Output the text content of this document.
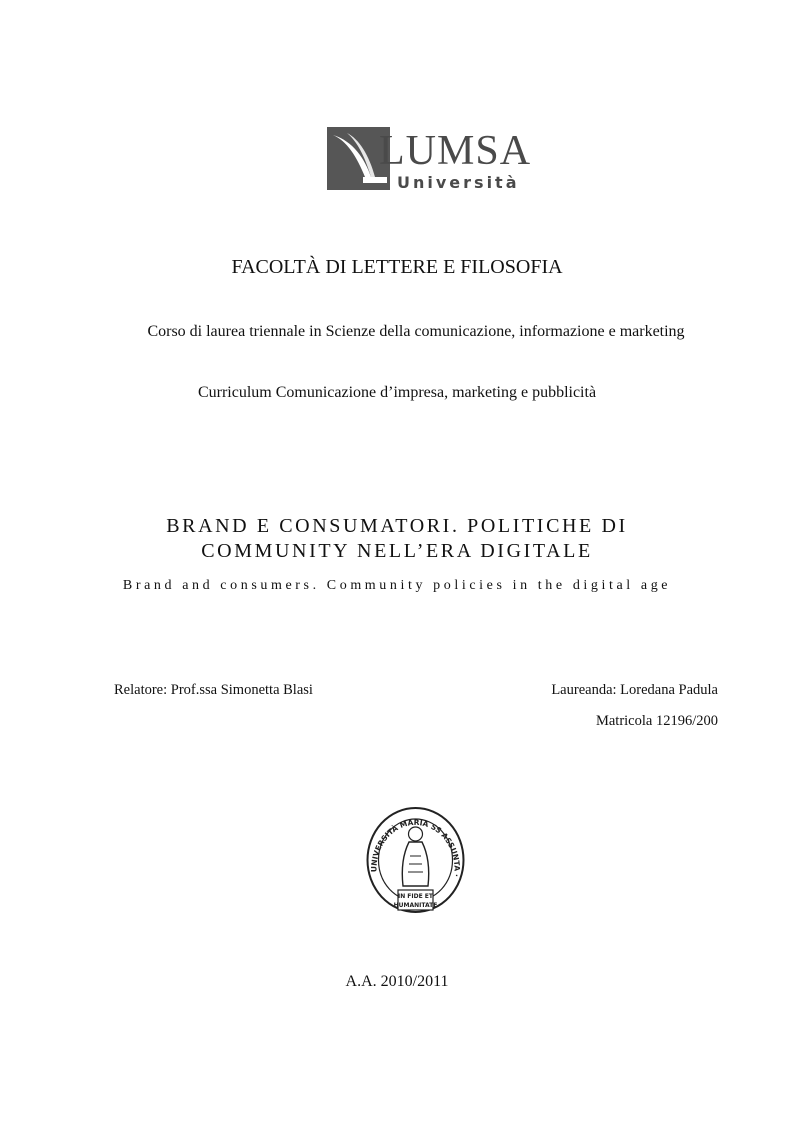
LUMSA
Università
FACOLTÀ DI LETTERE E FILOSOFIA
Corso di laurea triennale in Scienze della comunicazione, informazione e marketing
Curriculum Comunicazione d’impresa, marketing e pubblicità
BRAND E CONSUMATORI. POLITICHE DI
COMMUNITY NELL’ERA DIGITALE
Brand and consumers. Community policies in the digital age
Relatore: Prof.ssa Simonetta Blasi	Laureanda: Loredana Padula
Matricola 12196/200
UNIVERSITÀ MARIA SS ASSUNTA ·
IN FIDE ET
HUMANITATE
A.A. 2010/2011
